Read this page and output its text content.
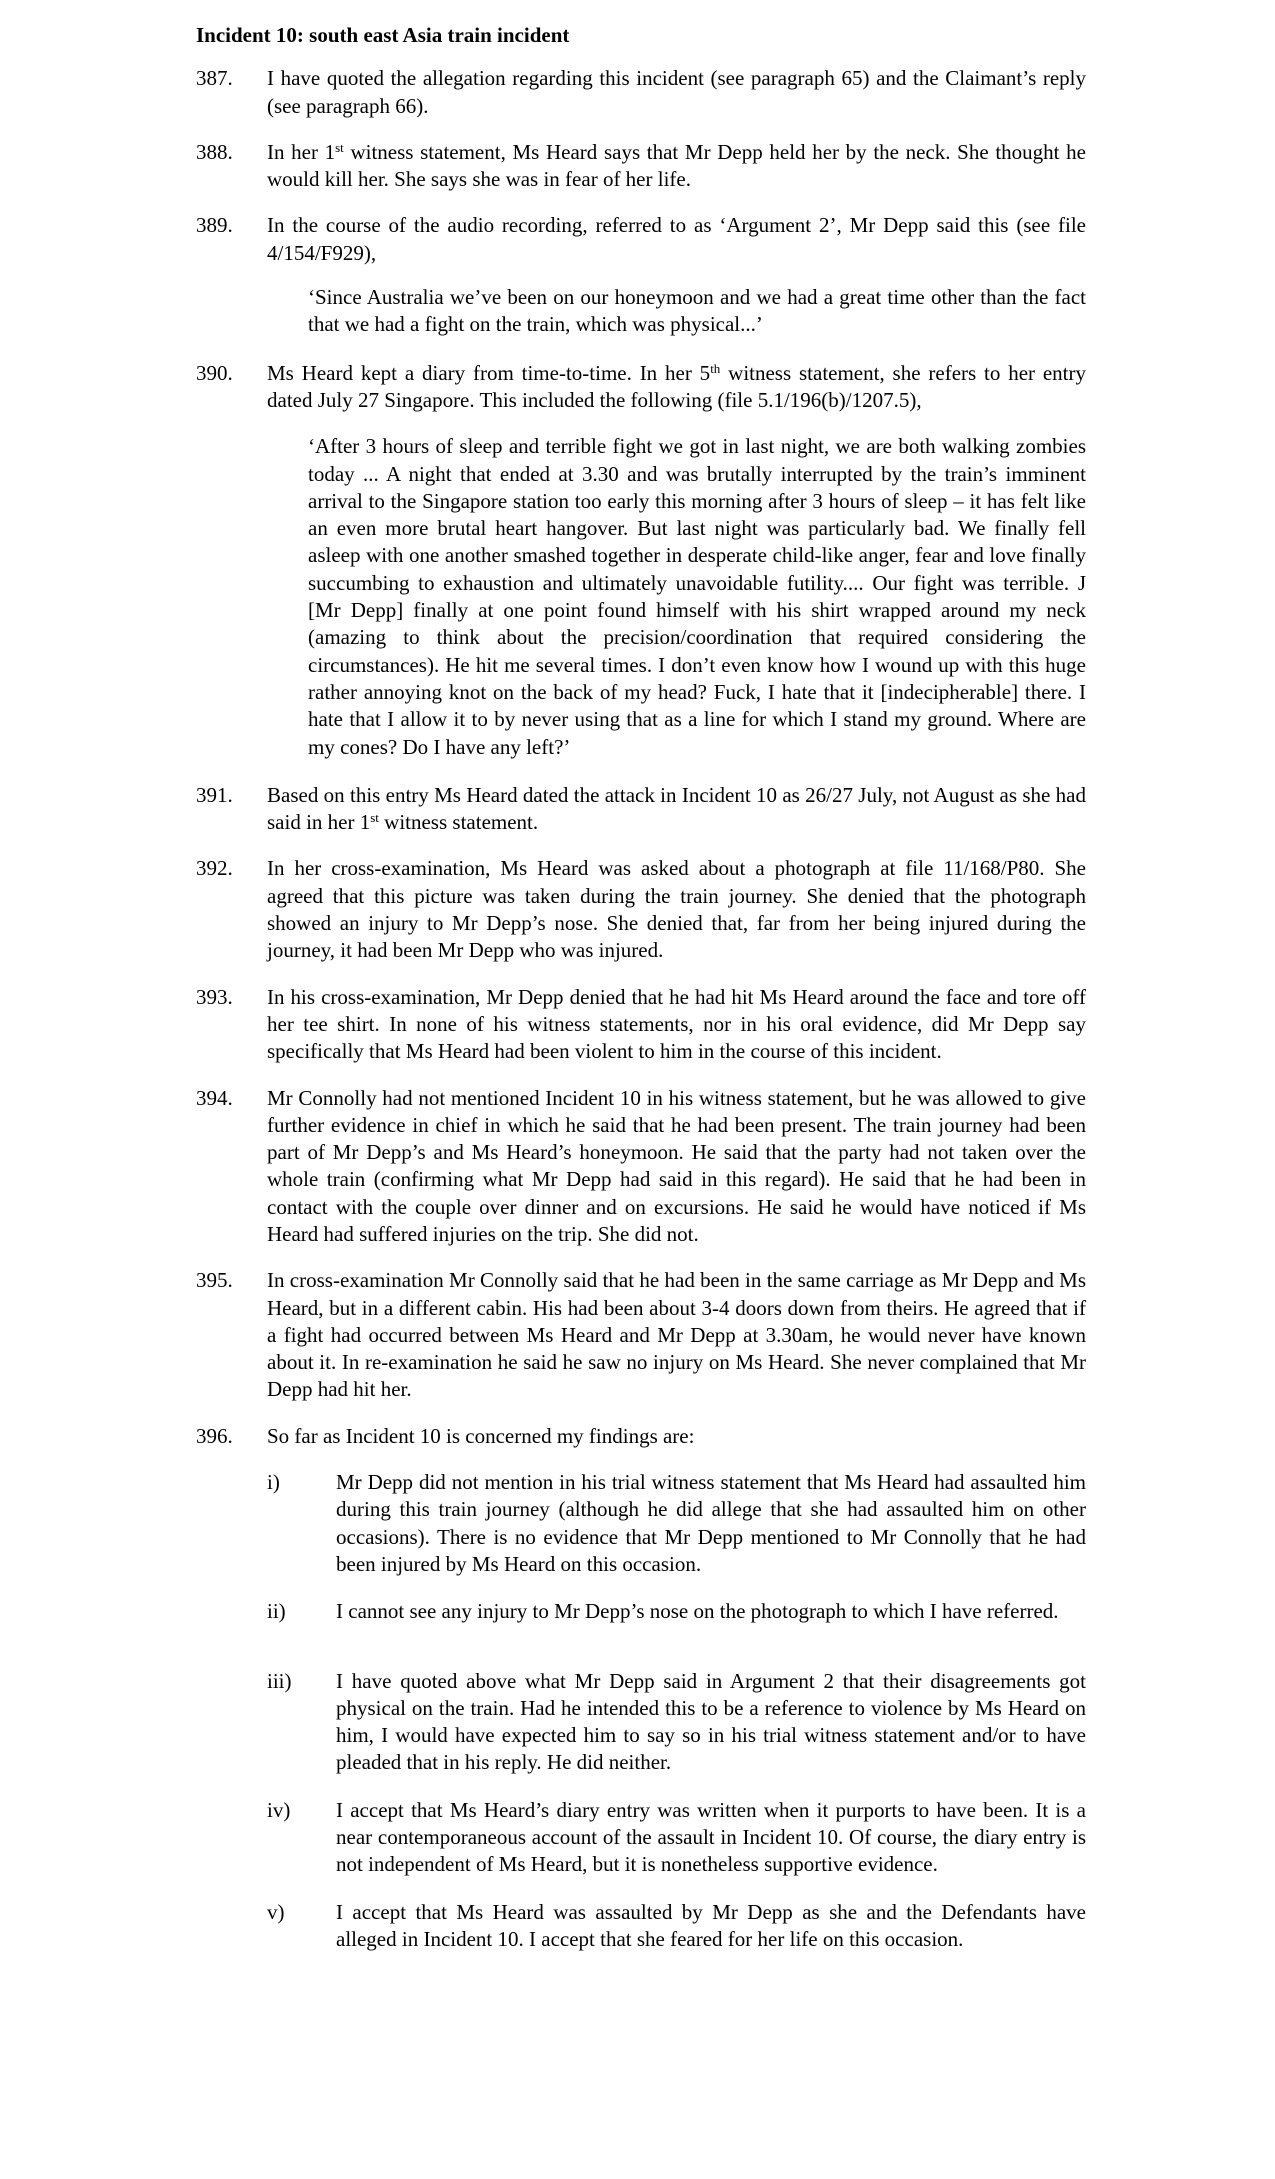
Incident 10: south east Asia train incident
387.	I have quoted the allegation regarding this incident (see paragraph 65) and the Claimant’s reply (see paragraph 66).
388.	In her 1st witness statement, Ms Heard says that Mr Depp held her by the neck. She thought he would kill her. She says she was in fear of her life.
389.	In the course of the audio recording, referred to as ‘Argument 2’, Mr Depp said this (see file 4/154/F929),
‘Since Australia we’ve been on our honeymoon and we had a great time other than the fact that we had a fight on the train, which was physical...’
390.	Ms Heard kept a diary from time-to-time. In her 5th witness statement, she refers to her entry dated July 27 Singapore. This included the following (file 5.1/196(b)/1207.5),
‘After 3 hours of sleep and terrible fight we got in last night, we are both walking zombies today ... A night that ended at 3.30 and was brutally interrupted by the train’s imminent arrival to the Singapore station too early this morning after 3 hours of sleep – it has felt like an even more brutal heart hangover. But last night was particularly bad. We finally fell asleep with one another smashed together in desperate child-like anger, fear and love finally succumbing to exhaustion and ultimately unavoidable futility.... Our fight was terrible. J [Mr Depp] finally at one point found himself with his shirt wrapped around my neck (amazing to think about the precision/coordination that required considering the circumstances). He hit me several times. I don’t even know how I wound up with this huge rather annoying knot on the back of my head? Fuck, I hate that it [indecipherable] there. I hate that I allow it to by never using that as a line for which I stand my ground. Where are my cones? Do I have any left?’
391.	Based on this entry Ms Heard dated the attack in Incident 10 as 26/27 July, not August as she had said in her 1st witness statement.
392.	In her cross-examination, Ms Heard was asked about a photograph at file 11/168/P80. She agreed that this picture was taken during the train journey. She denied that the photograph showed an injury to Mr Depp’s nose. She denied that, far from her being injured during the journey, it had been Mr Depp who was injured.
393.	In his cross-examination, Mr Depp denied that he had hit Ms Heard around the face and tore off her tee shirt. In none of his witness statements, nor in his oral evidence, did Mr Depp say specifically that Ms Heard had been violent to him in the course of this incident.
394.	Mr Connolly had not mentioned Incident 10 in his witness statement, but he was allowed to give further evidence in chief in which he said that he had been present. The train journey had been part of Mr Depp’s and Ms Heard’s honeymoon. He said that the party had not taken over the whole train (confirming what Mr Depp had said in this regard). He said that he had been in contact with the couple over dinner and on excursions. He said he would have noticed if Ms Heard had suffered injuries on the trip. She did not.
395.	In cross-examination Mr Connolly said that he had been in the same carriage as Mr Depp and Ms Heard, but in a different cabin. His had been about 3-4 doors down from theirs. He agreed that if a fight had occurred between Ms Heard and Mr Depp at 3.30am, he would never have known about it. In re-examination he said he saw no injury on Ms Heard. She never complained that Mr Depp had hit her.
396.	So far as Incident 10 is concerned my findings are:
i)	Mr Depp did not mention in his trial witness statement that Ms Heard had assaulted him during this train journey (although he did allege that she had assaulted him on other occasions). There is no evidence that Mr Depp mentioned to Mr Connolly that he had been injured by Ms Heard on this occasion.
ii)	I cannot see any injury to Mr Depp’s nose on the photograph to which I have referred.
iii)	I have quoted above what Mr Depp said in Argument 2 that their disagreements got physical on the train. Had he intended this to be a reference to violence by Ms Heard on him, I would have expected him to say so in his trial witness statement and/or to have pleaded that in his reply. He did neither.
iv)	I accept that Ms Heard’s diary entry was written when it purports to have been. It is a near contemporaneous account of the assault in Incident 10. Of course, the diary entry is not independent of Ms Heard, but it is nonetheless supportive evidence.
v)	I accept that Ms Heard was assaulted by Mr Depp as she and the Defendants have alleged in Incident 10. I accept that she feared for her life on this occasion.
